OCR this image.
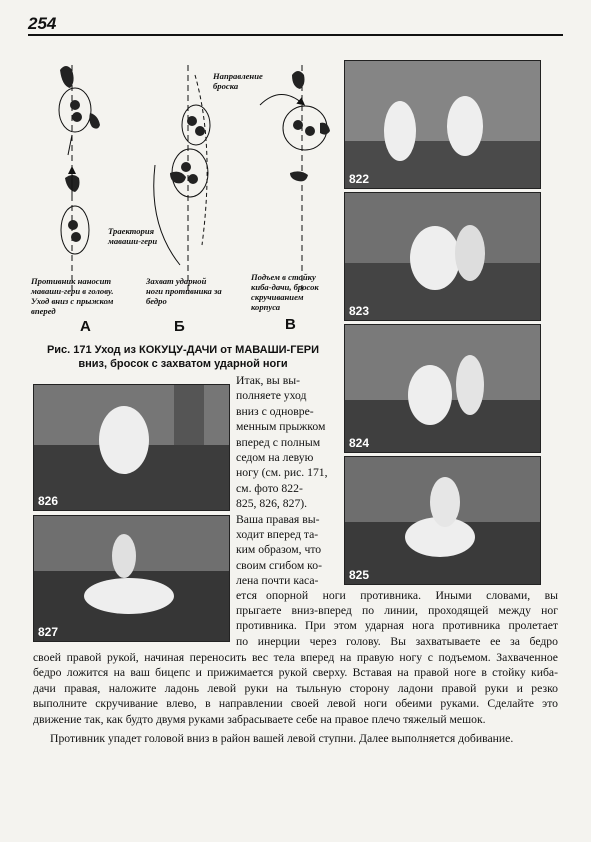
254
Направление
броска
Траектория
маваши-гери
Противник наносит
маваши-гери в голову.
Уход вниз с прыжком
вперед
Захват ударной
ноги противника за
бедро
Подъем в стойку
киба-дачи, бросок
скручиванием
корпуса
А	Б	В
Рис. 171 Уход из КОКУЦУ-ДАЧИ от МАВАШИ-ГЕРИ
вниз, бросок с захватом ударной ноги
822
823
824
825
826
827
Итак, вы вы-
полняете уход
вниз с одновре-
менным прыжком
вперед с полным
седом на левую
ногу (см. рис. 171,
см. фото 822-
825, 826, 827).
Ваша правая вы-
ходит вперед та-
ким образом, что
своим сгибом ко-
лена почти каса-
ется опорной ноги противника. Иными словами, вы
прыгаете вниз-вперед по линии, проходящей между ног
противника. При этом ударная нога противника пролетает
по инерции через голову. Вы захватываете ее за бедро
своей правой рукой, начиная переносить вес тела вперед на правую ногу с подъемом. Захваченное
бедро ложится на ваш бицепс и прижимается рукой сверху. Вставая на правой ноге в стойку киба-
дачи правая, наложите ладонь левой руки на тыльную сторону ладони правой руки и резко
выполните скручивание влево, в направлении своей левой ноги обеими руками. Сделайте это
движение так, как будто двумя руками забрасываете себе на правое плечо тяжелый мешок.
Противник упадет головой вниз в район вашей левой ступни. Далее выполняется добивание.
